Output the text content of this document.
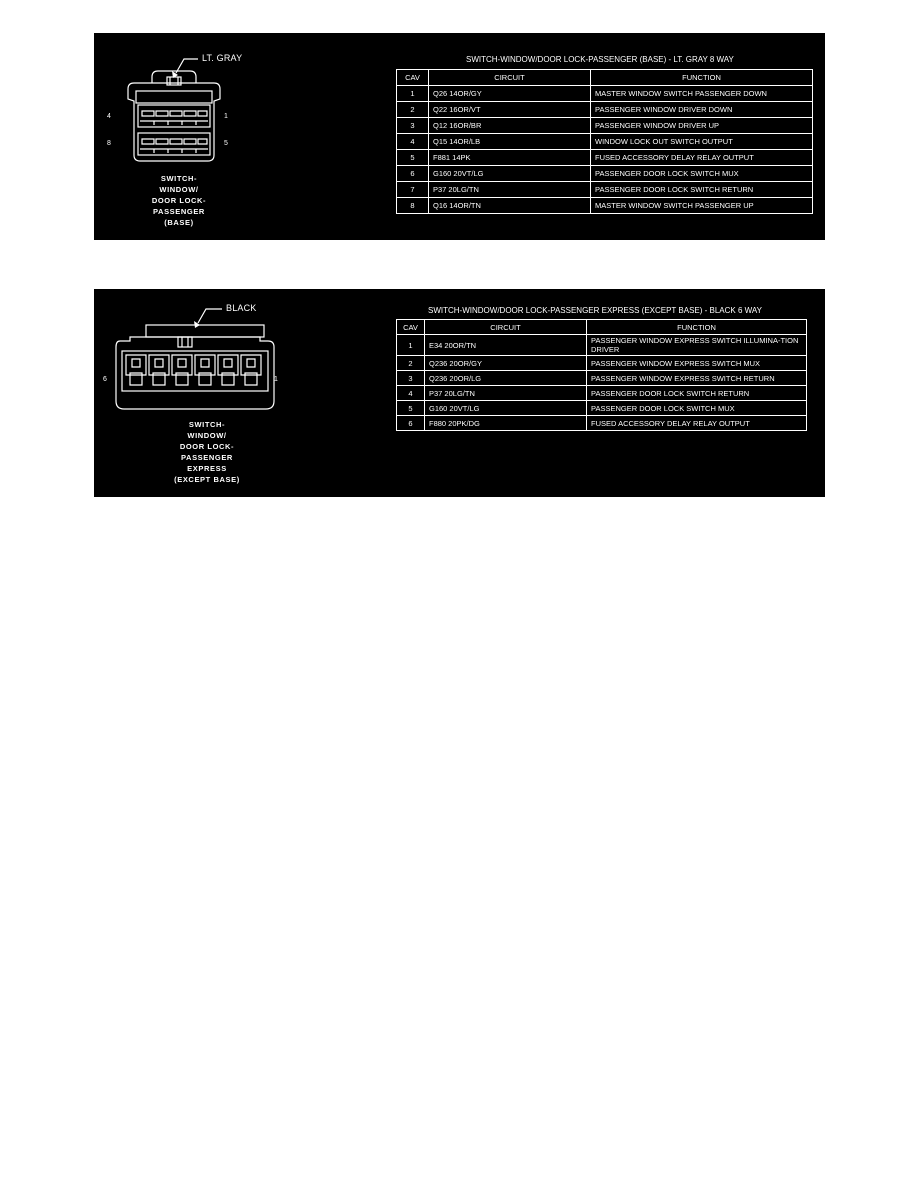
LT. GRAY
4	1
8	5
SWITCH-
WINDOW/
DOOR LOCK-
PASSENGER
(BASE)
SWITCH-WINDOW/DOOR LOCK-PASSENGER (BASE) - LT. GRAY 8 WAY
CAV	CIRCUIT	FUNCTION
1	Q26 14OR/GY	MASTER WINDOW SWITCH PASSENGER DOWN
2	Q22 16OR/VT	PASSENGER WINDOW DRIVER DOWN
3	Q12 16OR/BR	PASSENGER WINDOW DRIVER UP
4	Q15 14OR/LB	WINDOW LOCK OUT SWITCH OUTPUT
5	F881 14PK	FUSED ACCESSORY DELAY RELAY OUTPUT
6	G160 20VT/LG	PASSENGER DOOR LOCK SWITCH MUX
7	P37 20LG/TN	PASSENGER DOOR LOCK SWITCH RETURN
8	Q16 14OR/TN	MASTER WINDOW SWITCH PASSENGER UP
BLACK
6	1
SWITCH-
WINDOW/
DOOR LOCK-
PASSENGER
EXPRESS
(EXCEPT BASE)
SWITCH-WINDOW/DOOR LOCK-PASSENGER EXPRESS (EXCEPT BASE) - BLACK 6 WAY
CAV	CIRCUIT	FUNCTION
1	E34 20OR/TN	PASSENGER WINDOW EXPRESS SWITCH ILLUMINA-TION DRIVER
2	Q236 20OR/GY	PASSENGER WINDOW EXPRESS SWITCH MUX
3	Q236 20OR/LG	PASSENGER WINDOW EXPRESS SWITCH RETURN
4	P37 20LG/TN	PASSENGER DOOR LOCK SWITCH RETURN
5	G160 20VT/LG	PASSENGER DOOR LOCK SWITCH MUX
6	F880 20PK/DG	FUSED ACCESSORY DELAY RELAY OUTPUT
